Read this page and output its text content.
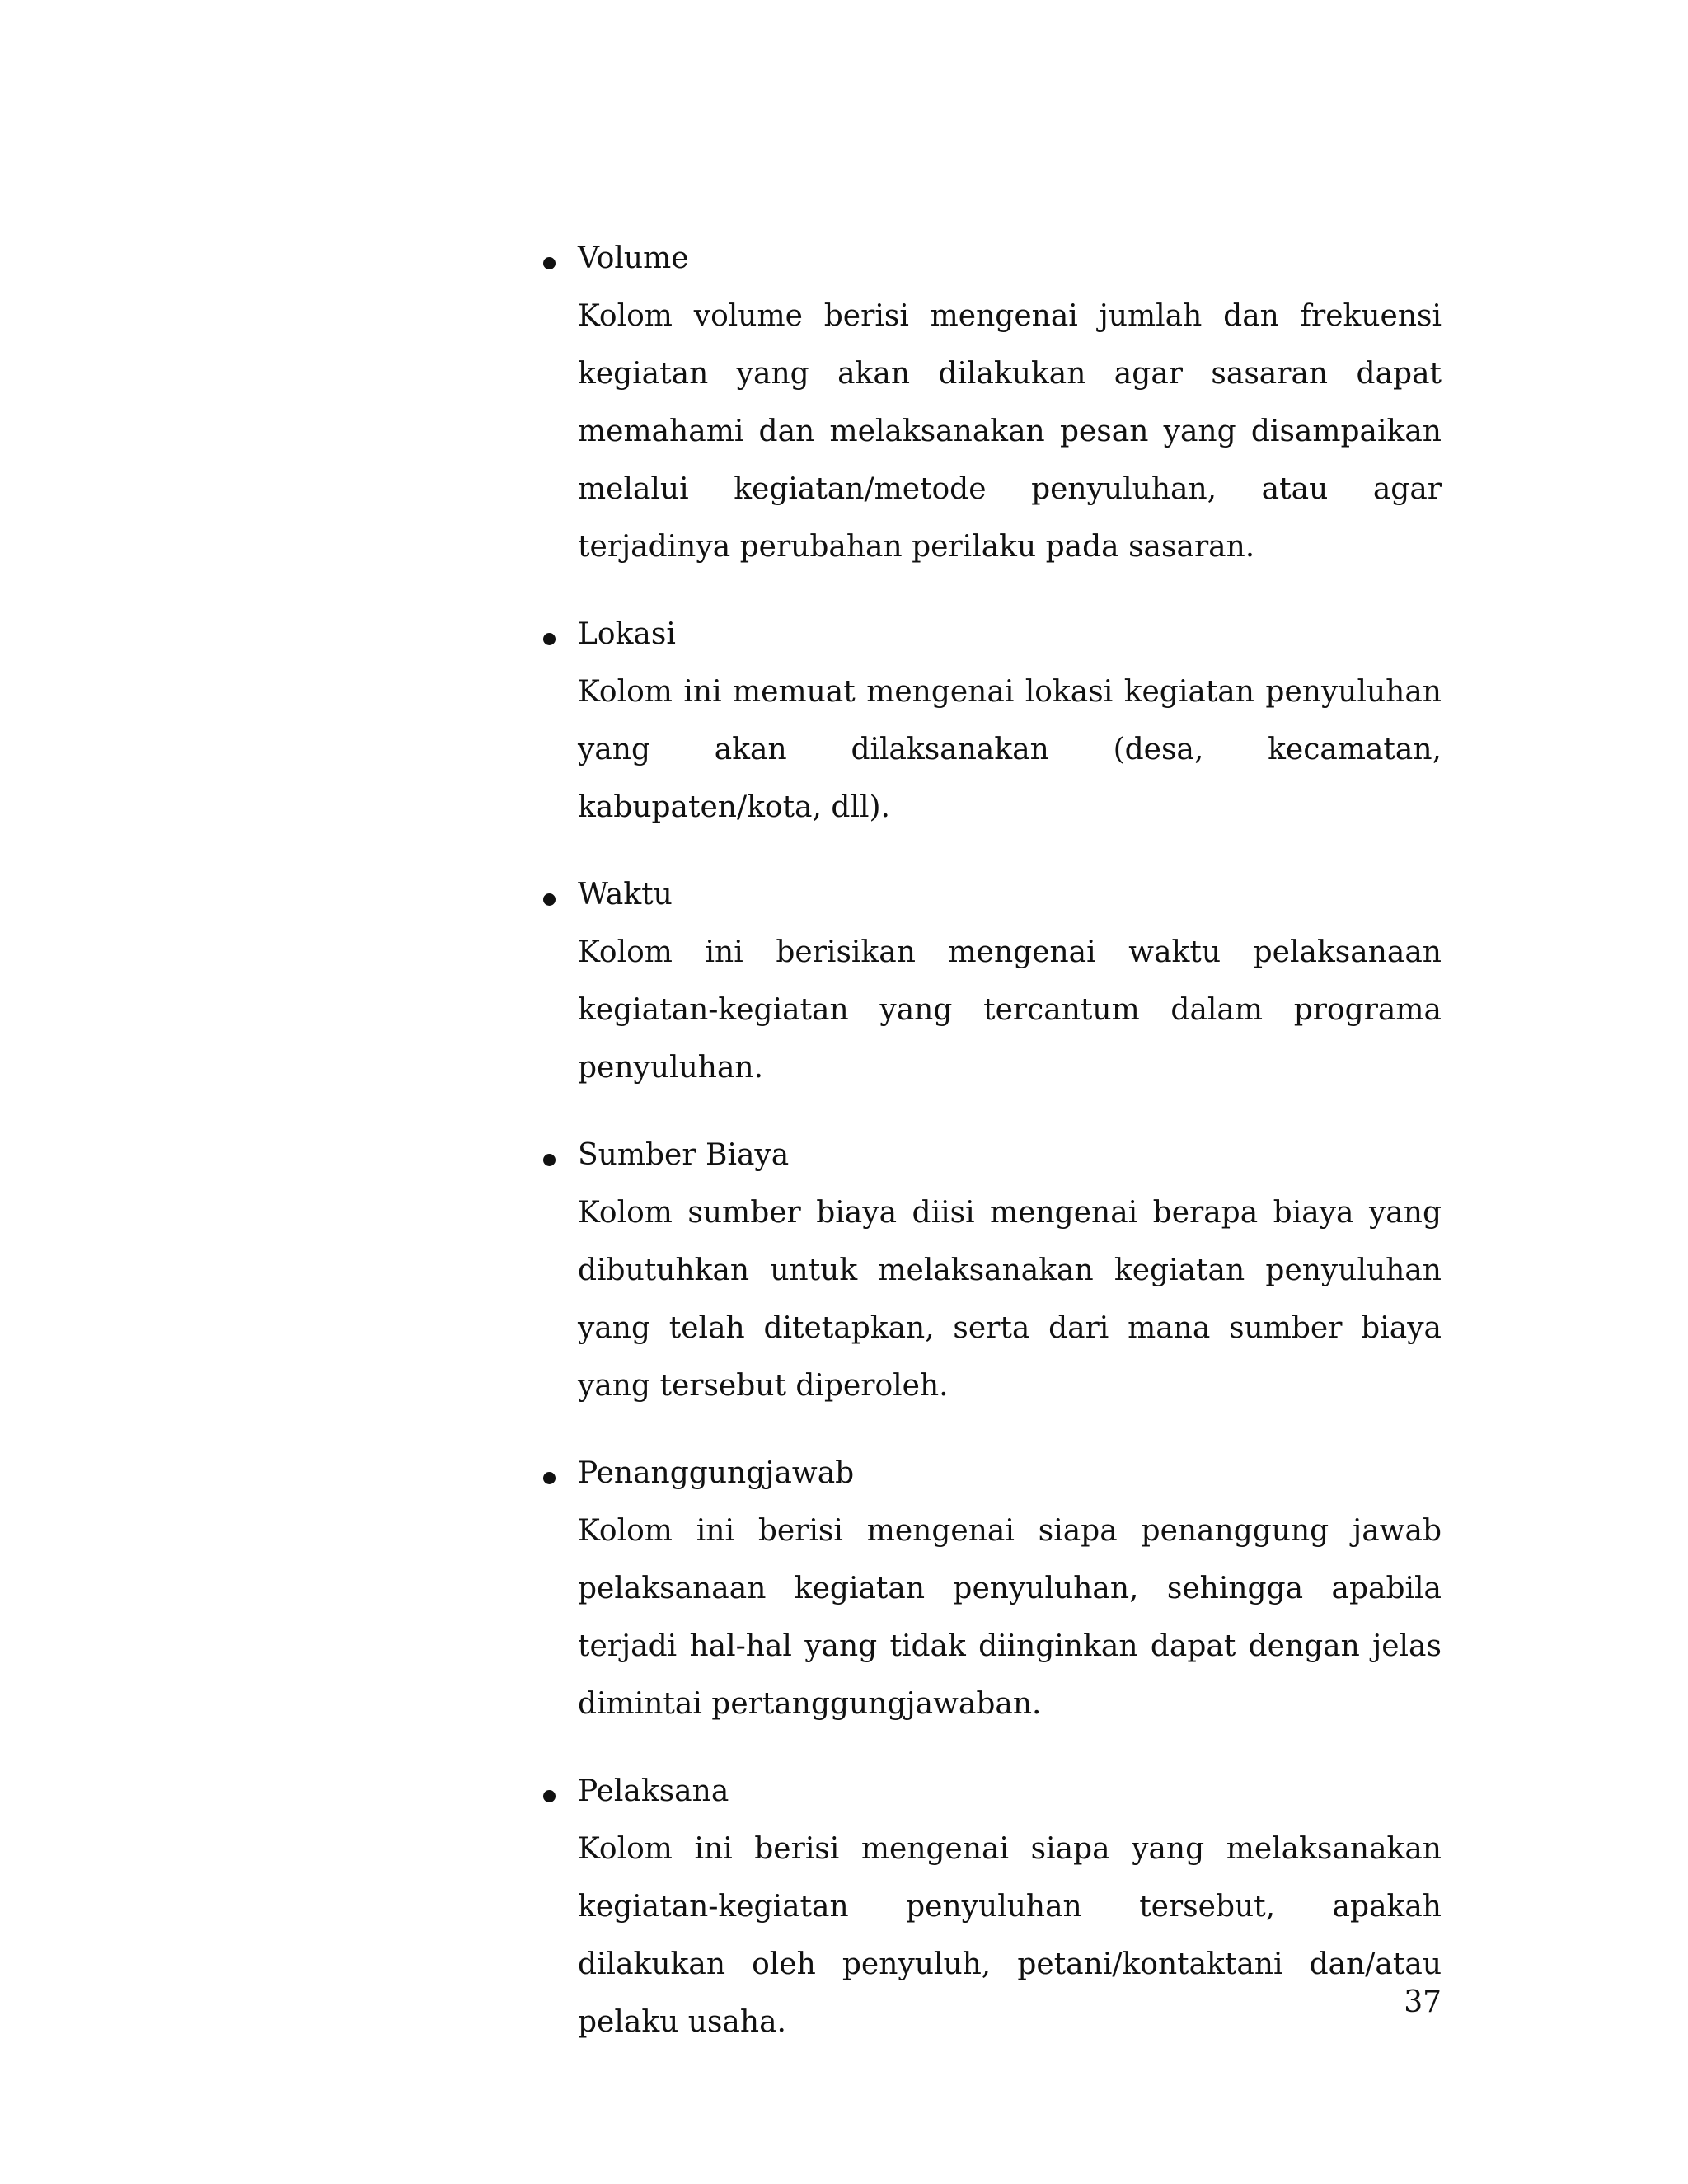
Volume

Kolom volume berisi mengenai jumlah dan frekuensi kegiatan yang akan dilakukan agar sasaran dapat memahami dan melaksanakan pesan yang disampaikan melalui kegiatan/metode penyuluhan, atau agar terjadinya perubahan perilaku pada sasaran.

Lokasi

Kolom ini memuat mengenai lokasi kegiatan penyuluhan yang akan dilaksanakan (desa, kecamatan, kabupaten/kota, dll).

Waktu

Kolom ini berisikan mengenai waktu pelaksanaan kegiatan-kegiatan yang tercantum dalam programa penyuluhan.

Sumber Biaya

Kolom sumber biaya diisi mengenai berapa biaya yang dibutuhkan untuk melaksanakan kegiatan penyuluhan yang telah ditetapkan, serta dari mana sumber biaya yang tersebut diperoleh.

Penanggungjawab

Kolom ini berisi mengenai siapa penanggung jawab pelaksanaan kegiatan penyuluhan, sehingga apabila terjadi hal-hal yang tidak diinginkan dapat dengan jelas dimintai pertanggungjawaban.

Pelaksana

Kolom ini berisi mengenai siapa yang melaksanakan kegiatan-kegiatan penyuluhan tersebut, apakah dilakukan oleh penyuluh, petani/kontaktani dan/atau pelaku usaha.

37
